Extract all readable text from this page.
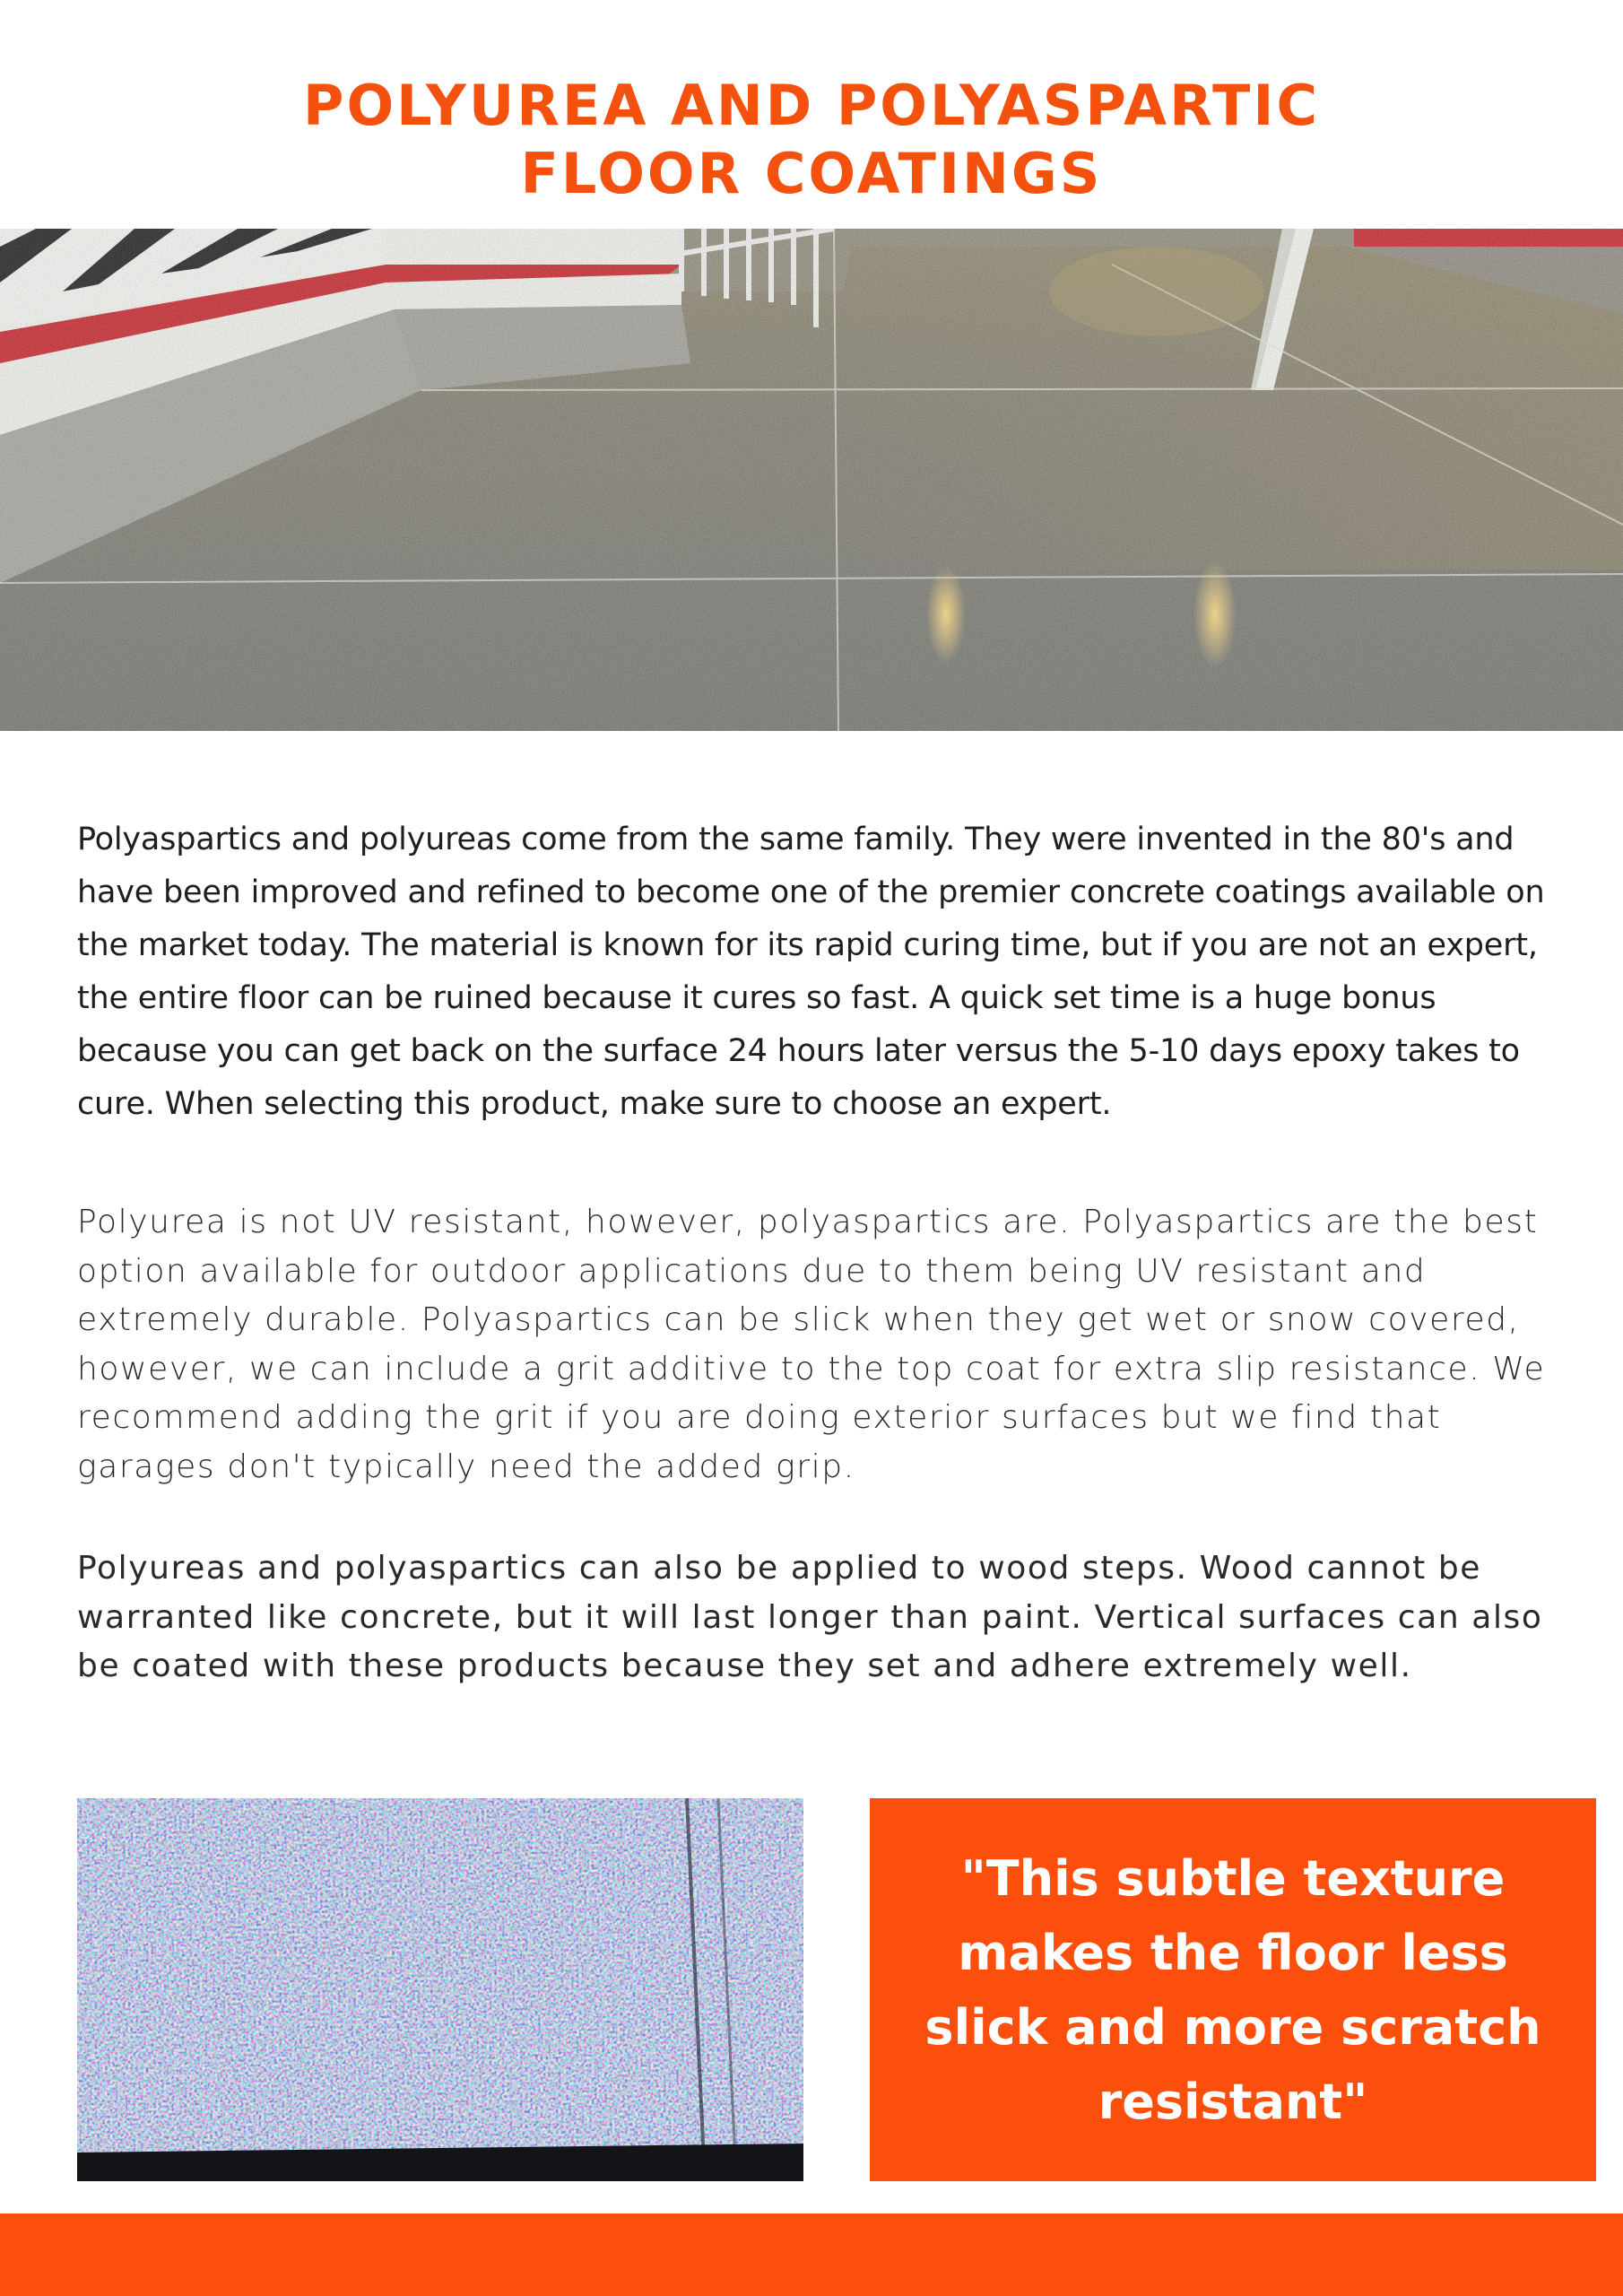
POLYUREA AND POLYASPARTIC
FLOOR COATINGS

Polyaspartics and polyureas come from the same family. They were invented in the 80's and have been improved and refined to become one of the premier concrete coatings available on the market today. The material is known for its rapid curing time, but if you are not an expert, the entire floor can be ruined because it cures so fast. A quick set time is a huge bonus because you can get back on the surface 24 hours later versus the 5-10 days epoxy takes to cure. When selecting this product, make sure to choose an expert.

Polyurea is not UV resistant, however, polyaspartics are. Polyaspartics are the best option available for outdoor applications due to them being UV resistant and extremely durable. Polyaspartics can be slick when they get wet or snow covered, however, we can include a grit additive to the top coat for extra slip resistance. We recommend adding the grit if you are doing exterior surfaces but we find that garages don't typically need the added grip.

Polyureas and polyaspartics can also be applied to wood steps. Wood cannot be warranted like concrete, but it will last longer than paint. Vertical surfaces can also be coated with these products because they set and adhere extremely well.

"This subtle texture makes the floor less slick and more scratch resistant"
